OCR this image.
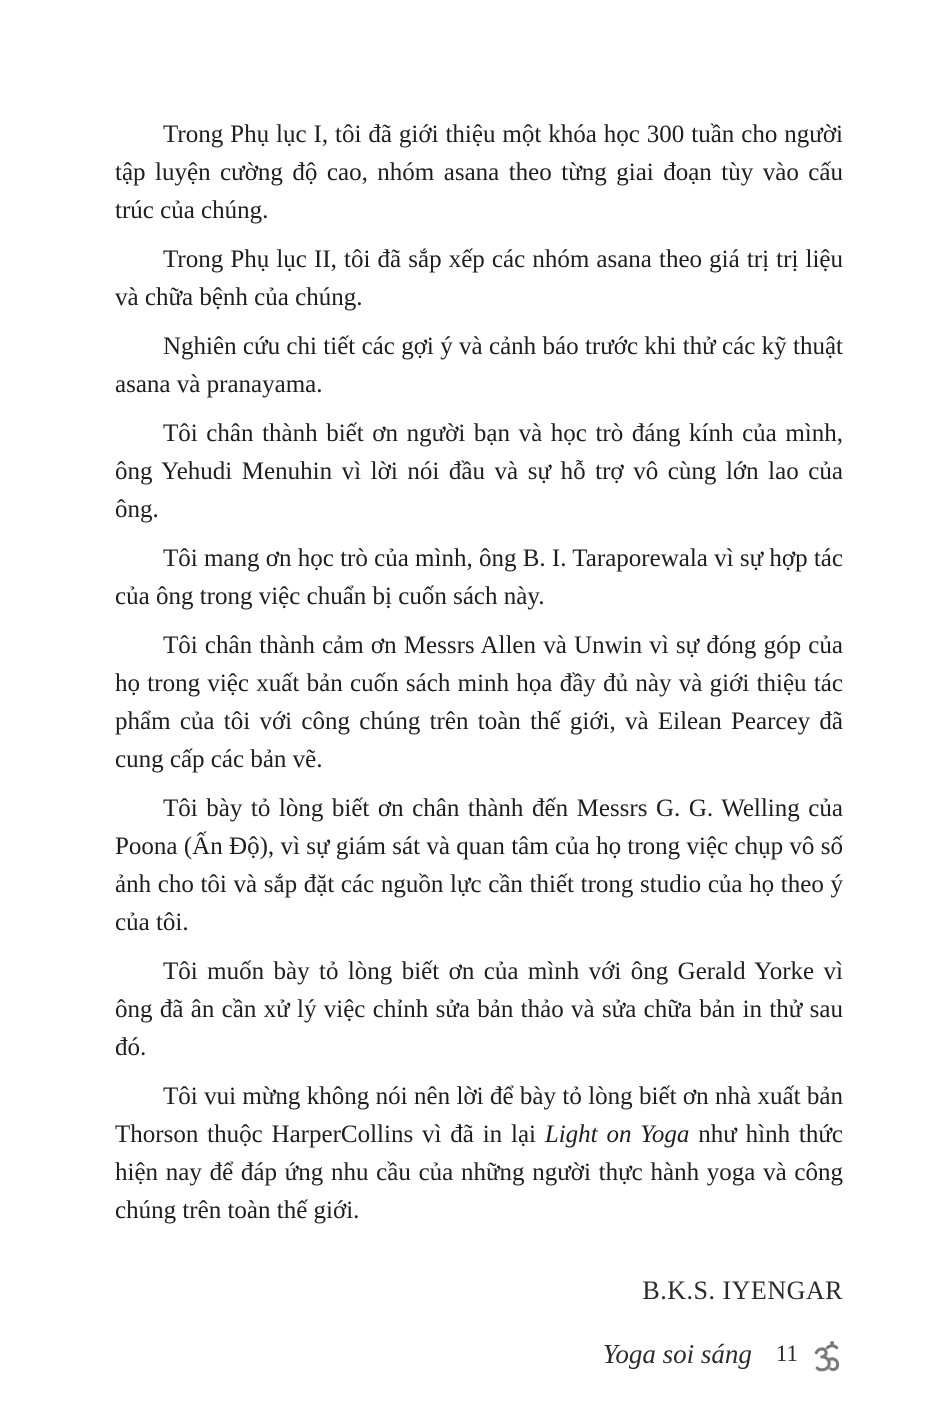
Trong Phụ lục I, tôi đã giới thiệu một khóa học 300 tuần cho người tập luyện cường độ cao, nhóm asana theo từng giai đoạn tùy vào cấu trúc của chúng.

Trong Phụ lục II, tôi đã sắp xếp các nhóm asana theo giá trị trị liệu và chữa bệnh của chúng.

Nghiên cứu chi tiết các gợi ý và cảnh báo trước khi thử các kỹ thuật asana và pranayama.

Tôi chân thành biết ơn người bạn và học trò đáng kính của mình, ông Yehudi Menuhin vì lời nói đầu và sự hỗ trợ vô cùng lớn lao của ông.

Tôi mang ơn học trò của mình, ông B. I. Taraporewala vì sự hợp tác của ông trong việc chuẩn bị cuốn sách này.

Tôi chân thành cảm ơn Messrs Allen và Unwin vì sự đóng góp của họ trong việc xuất bản cuốn sách minh họa đầy đủ này và giới thiệu tác phẩm của tôi với công chúng trên toàn thế giới, và Eilean Pearcey đã cung cấp các bản vẽ.

Tôi bày tỏ lòng biết ơn chân thành đến Messrs G. G. Welling của Poona (Ấn Độ), vì sự giám sát và quan tâm của họ trong việc chụp vô số ảnh cho tôi và sắp đặt các nguồn lực cần thiết trong studio của họ theo ý của tôi.

Tôi muốn bày tỏ lòng biết ơn của mình với ông Gerald Yorke vì ông đã ân cần xử lý việc chỉnh sửa bản thảo và sửa chữa bản in thử sau đó.

Tôi vui mừng không nói nên lời để bày tỏ lòng biết ơn nhà xuất bản Thorson thuộc HarperCollins vì đã in lại Light on Yoga như hình thức hiện nay để đáp ứng nhu cầu của những người thực hành yoga và công chúng trên toàn thế giới.

B.K.S. IYENGAR
Yoga soi sáng 11
